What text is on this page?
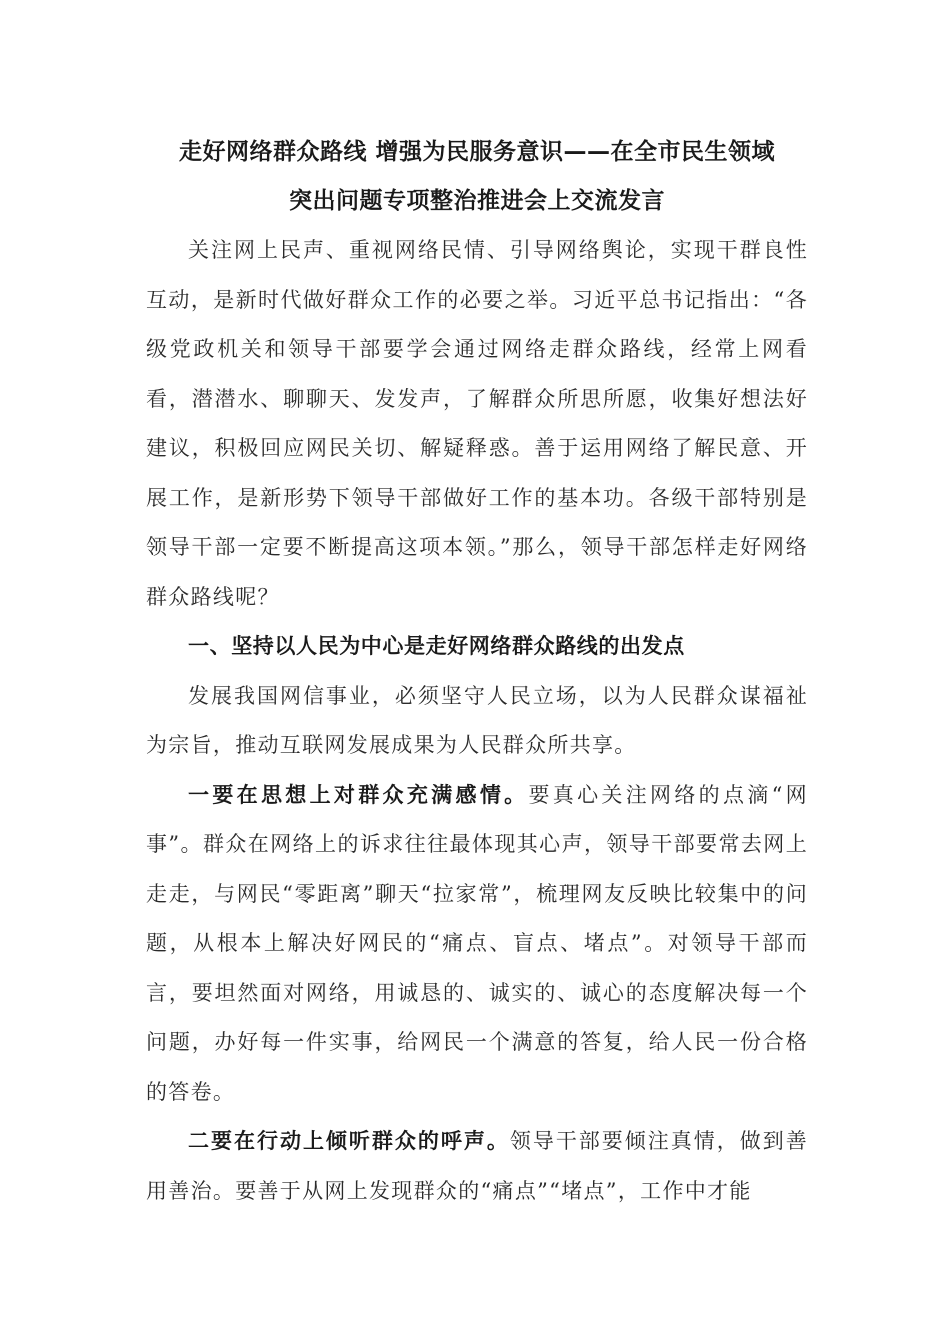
走好网络群众路线 增强为民服务意识——在全市民生领域
突出问题专项整治推进会上交流发言

关注网上民声、重视网络民情、引导网络舆论，实现干群良性互动，是新时代做好群众工作的必要之举。习近平总书记指出：“各级党政机关和领导干部要学会通过网络走群众路线，经常上网看看，潜潜水、聊聊天、发发声，了解群众所思所愿，收集好想法好建议，积极回应网民关切、解疑释惑。善于运用网络了解民意、开展工作，是新形势下领导干部做好工作的基本功。各级干部特别是领导干部一定要不断提高这项本领。”那么，领导干部怎样走好网络群众路线呢？

一、坚持以人民为中心是走好网络群众路线的出发点

发展我国网信事业，必须坚守人民立场，以为人民群众谋福祉为宗旨，推动互联网发展成果为人民群众所共享。

一要在思想上对群众充满感情。要真心关注网络的点滴“网事”。群众在网络上的诉求往往最体现其心声，领导干部要常去网上走走，与网民“零距离”聊天“拉家常”，梳理网友反映比较集中的问题，从根本上解决好网民的“痛点、盲点、堵点”。对领导干部而言，要坦然面对网络，用诚恳的、诚实的、诚心的态度解决每一个问题，办好每一件实事，给网民一个满意的答复，给人民一份合格的答卷。

二要在行动上倾听群众的呼声。领导干部要倾注真情，做到善用善治。要善于从网上发现群众的“痛点”“堵点”，工作中才能
